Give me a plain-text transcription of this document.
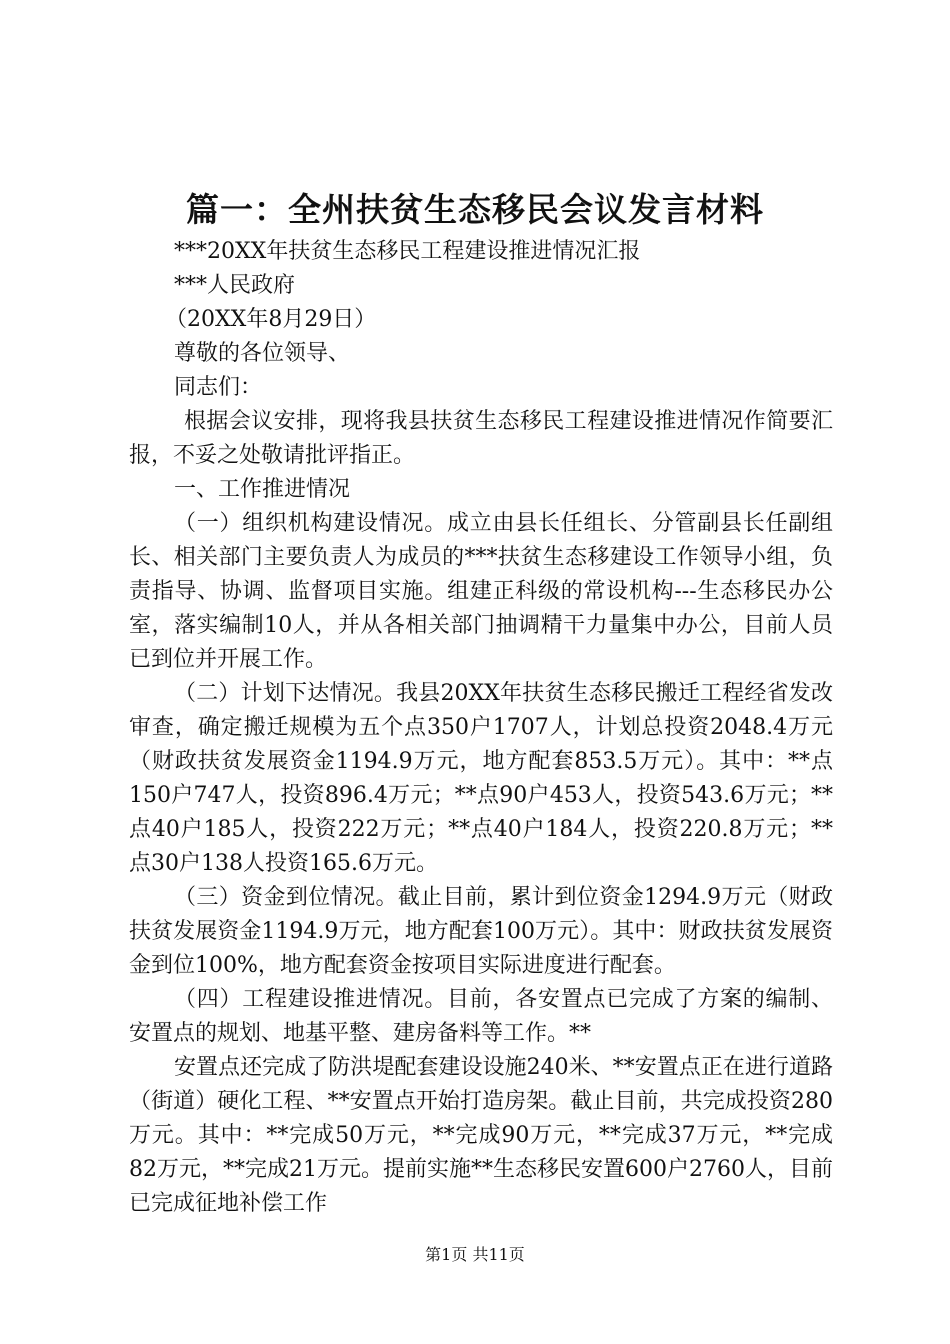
篇一：全州扶贫生态移民会议发言材料

***20XX年扶贫生态移民工程建设推进情况汇报

***人民政府

（20XX年8月29日）

尊敬的各位领导、

同志们：

根据会议安排，现将我县扶贫生态移民工程建设推进情况作简要汇报，不妥之处敬请批评指正。

一、工作推进情况

（一）组织机构建设情况。成立由县长任组长、分管副县长任副组长、相关部门主要负责人为成员的***扶贫生态移建设工作领导小组，负责指导、协调、监督项目实施。组建正科级的常设机构---生态移民办公室，落实编制10人，并从各相关部门抽调精干力量集中办公，目前人员已到位并开展工作。

（二）计划下达情况。我县20XX年扶贫生态移民搬迁工程经省发改审查，确定搬迁规模为五个点350户1707人，计划总投资2048.4万元（财政扶贫发展资金1194.9万元，地方配套853.5万元）。其中：**点150户747人，投资896.4万元；**点90户453人，投资543.6万元；**点40户185人，投资222万元；**点40户184人，投资220.8万元；**点30户138人投资165.6万元。

（三）资金到位情况。截止目前，累计到位资金1294.9万元（财政扶贫发展资金1194.9万元，地方配套100万元）。其中：财政扶贫发展资金到位100%，地方配套资金按项目实际进度进行配套。

（四）工程建设推进情况。目前，各安置点已完成了方案的编制、安置点的规划、地基平整、建房备料等工作。**

安置点还完成了防洪堤配套建设设施240米、**安置点正在进行道路（街道）硬化工程、**安置点开始打造房架。截止目前，共完成投资280万元。其中：**完成50万元，**完成90万元，**完成37万元，**完成82万元，**完成21万元。提前实施**生态移民安置600户2760人，目前已完成征地补偿工作

第1页 共11页
